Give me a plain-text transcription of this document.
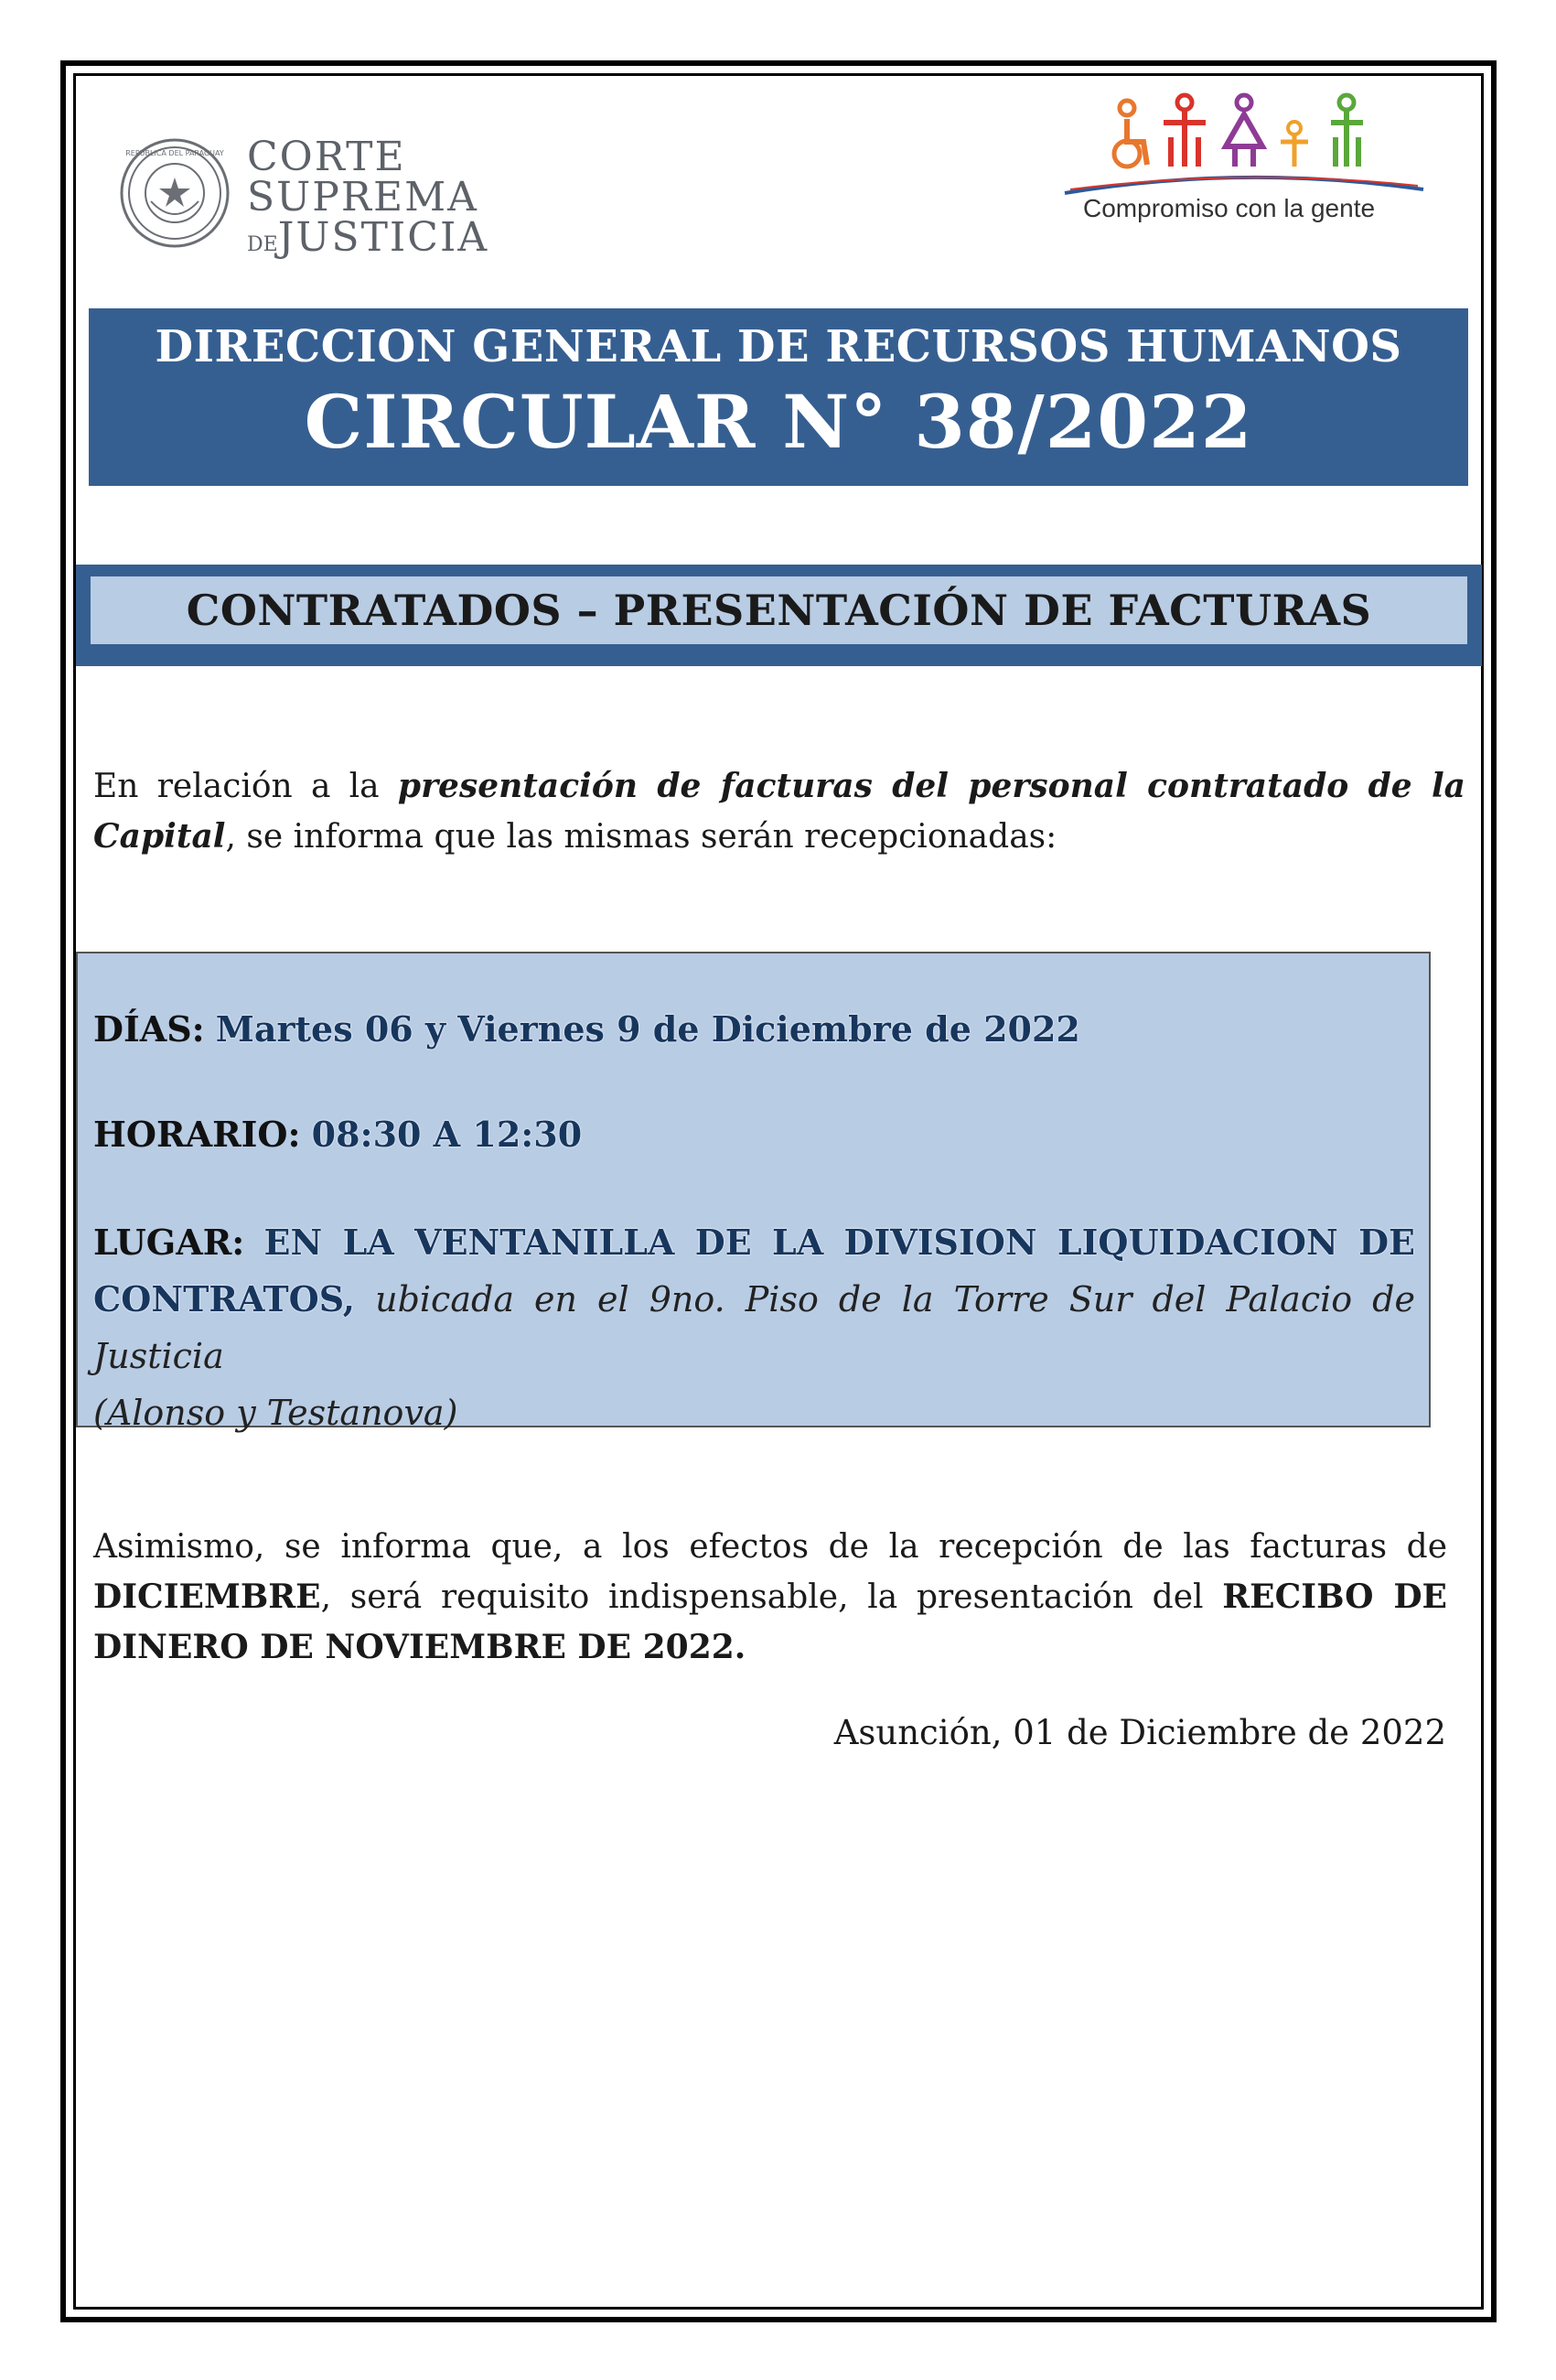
REPUBLICA DEL PARAGUAY CORTE
SUPREMA
DEJUSTICIA
Compromiso con la gente
DIRECCION GENERAL DE RECURSOS HUMANOS
CIRCULAR N° 38/2022
CONTRATADOS – PRESENTACIÓN DE FACTURAS
En relación a la presentación de facturas del personal contratado de la
Capital, se informa que las mismas serán recepcionadas:
DÍAS: Martes 06 y Viernes 9 de Diciembre de 2022
HORARIO: 08:30 A 12:30
LUGAR: EN LA VENTANILLA DE LA DIVISION LIQUIDACION DE
CONTRATOS, ubicada en el 9no. Piso de la Torre Sur del Palacio de Justicia
(Alonso y Testanova)
Asimismo, se informa que, a los efectos de la recepción de las facturas de
DICIEMBRE, será requisito indispensable, la presentación del RECIBO DE
DINERO DE NOVIEMBRE DE 2022.
Asunción, 01 de Diciembre de 2022
